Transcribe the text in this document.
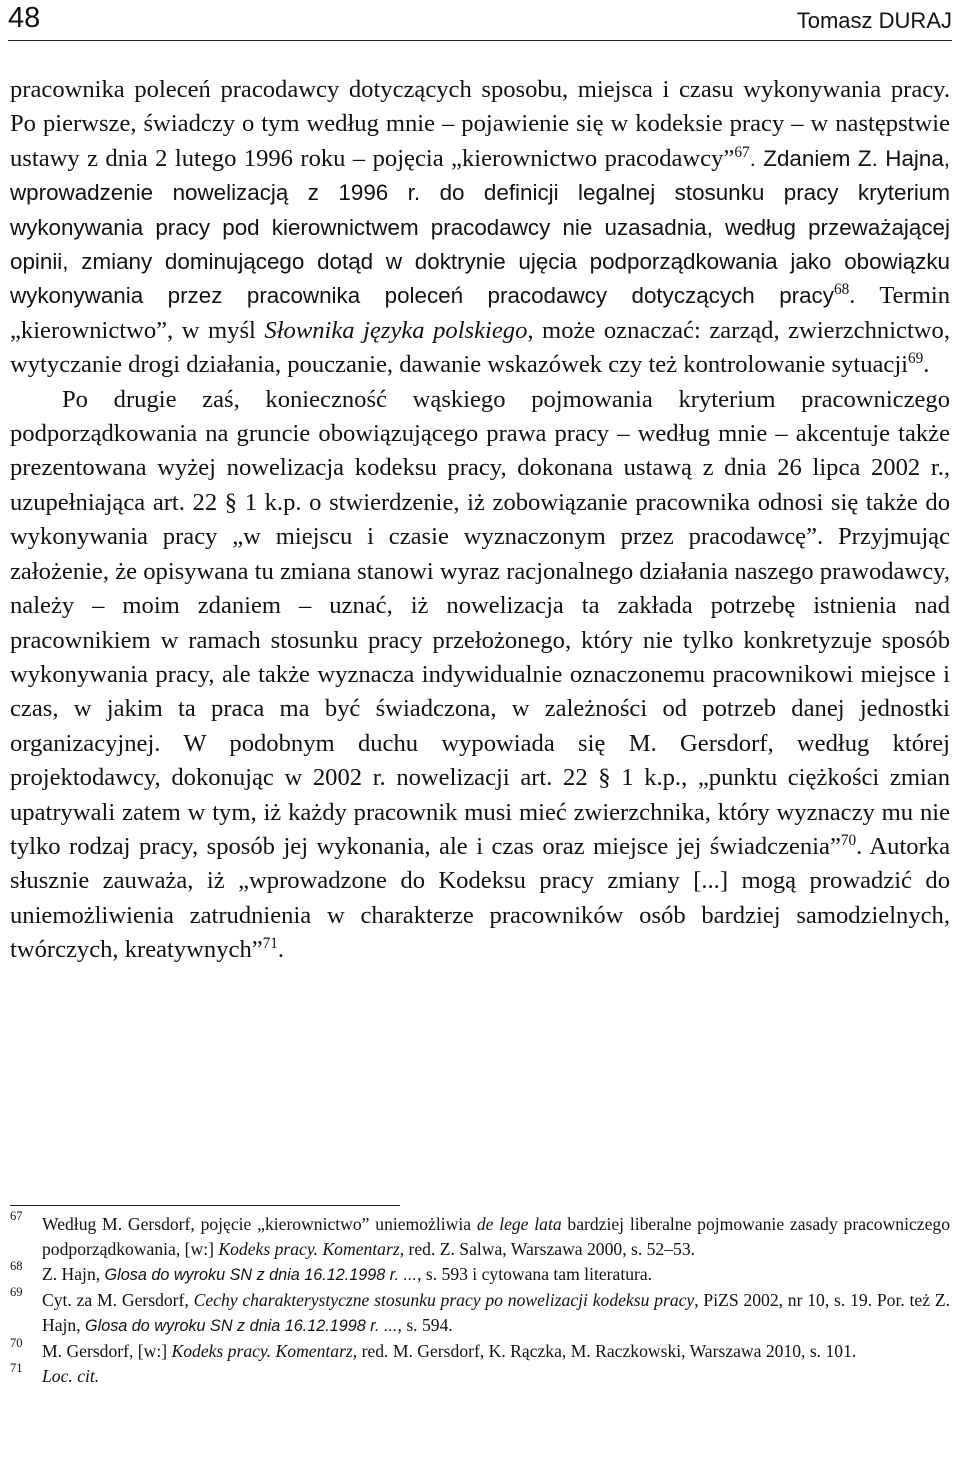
48	Tomasz DURAJ

pracownika poleceń pracodawcy dotyczących sposobu, miejsca i czasu wykonywania pracy. Po pierwsze, świadczy o tym według mnie – pojawienie się w kodeksie pracy – w następstwie ustawy z dnia 2 lutego 1996 roku – pojęcia „kierownictwo pracodawcy”$^{67}$. Zdaniem Z. Hajna, wprowadzenie nowelizacją z 1996 r. do definicji legalnej stosunku pracy kryterium wykonywania pracy pod kierownictwem pracodawcy nie uzasadnia, według przeważającej opinii, zmiany dominującego dotąd w doktrynie ujęcia podporządkowania jako obowiązku wykonywania przez pracownika poleceń pracodawcy dotyczących pracy$^{68}$. Termin „kierownictwo”, w myśl Słownika języka polskiego, może oznaczać: zarząd, zwierzchnictwo, wytyczanie drogi działania, pouczanie, dawanie wskazówek czy też kontrolowanie sytuacji$^{69}$.

Po drugie zaś, konieczność wąskiego pojmowania kryterium pracowniczego podporządkowania na gruncie obowiązującego prawa pracy – według mnie – akcentuje także prezentowana wyżej nowelizacja kodeksu pracy, dokonana ustawą z dnia 26 lipca 2002 r., uzupełniająca art. 22 § 1 k.p. o stwierdzenie, iż zobowiązanie pracownika odnosi się także do wykonywania pracy „w miejscu i czasie wyznaczonym przez pracodawcę”. Przyjmując założenie, że opisywana tu zmiana stanowi wyraz racjonalnego działania naszego prawodawcy, należy – moim zdaniem – uznać, iż nowelizacja ta zakłada potrzebę istnienia nad pracownikiem w ramach stosunku pracy przełożonego, który nie tylko konkretyzuje sposób wykonywania pracy, ale także wyznacza indywidualnie oznaczonemu pracownikowi miejsce i czas, w jakim ta praca ma być świadczona, w zależności od potrzeb danej jednostki organizacyjnej. W podobnym duchu wypowiada się M. Gersdorf, według której projektodawcy, dokonując w 2002 r. nowelizacji art. 22 § 1 k.p., „punktu ciężkości zmian upatrywali zatem w tym, iż każdy pracownik musi mieć zwierzchnika, który wyznaczy mu nie tylko rodzaj pracy, sposób jej wykonania, ale i czas oraz miejsce jej świadczenia”$^{70}$. Autorka słusznie zauważa, iż „wprowadzone do Kodeksu pracy zmiany [...] mogą prowadzić do uniemożliwienia zatrudnienia w charakterze pracowników osób bardziej samodzielnych, twórczych, kreatywnych”$^{71}$.

67 Według M. Gersdorf, pojęcie „kierownictwo” uniemożliwia de lege lata bardziej liberalne pojmowanie zasady pracowniczego podporządkowania, [w:] Kodeks pracy. Komentarz, red. Z. Salwa, Warszawa 2000, s. 52–53.
68 Z. Hajn, Glosa do wyroku SN z dnia 16.12.1998 r. ..., s. 593 i cytowana tam literatura.
69 Cyt. za M. Gersdorf, Cechy charakterystyczne stosunku pracy po nowelizacji kodeksu pracy, PiZS 2002, nr 10, s. 19. Por. też Z. Hajn, Glosa do wyroku SN z dnia 16.12.1998 r. ..., s. 594.
70 M. Gersdorf, [w:] Kodeks pracy. Komentarz, red. M. Gersdorf, K. Rączka, M. Raczkowski, Warszawa 2010, s. 101.
71 Loc. cit.
